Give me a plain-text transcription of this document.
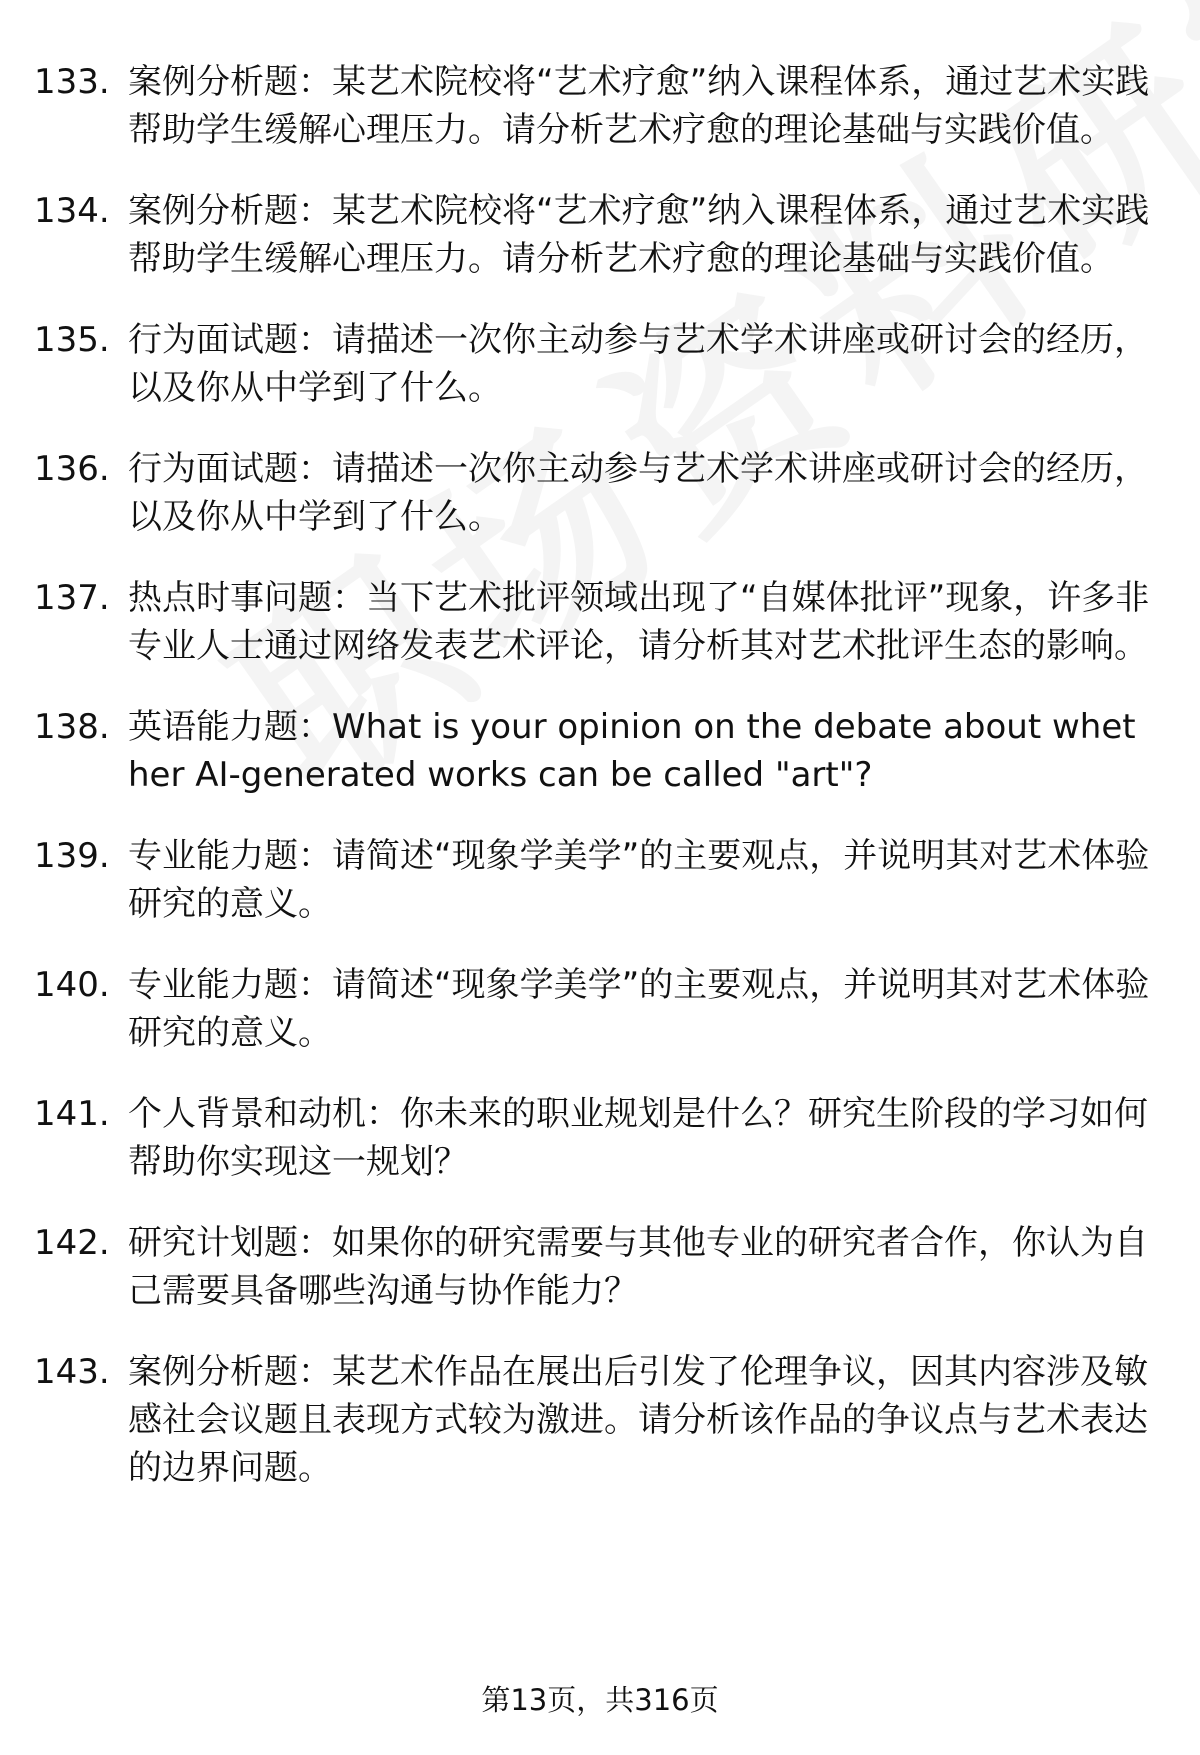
133. 案例分析题：某艺术院校将“艺术疗愈”纳入课程体系，通过艺术实践帮助学生缓解心理压力。请分析艺术疗愈的理论基础与实践价值。
134. 案例分析题：某艺术院校将“艺术疗愈”纳入课程体系，通过艺术实践帮助学生缓解心理压力。请分析艺术疗愈的理论基础与实践价值。
135. 行为面试题：请描述一次你主动参与艺术学术讲座或研讨会的经历，以及你从中学到了什么。
136. 行为面试题：请描述一次你主动参与艺术学术讲座或研讨会的经历，以及你从中学到了什么。
137. 热点时事问题：当下艺术批评领域出现了“自媒体批评”现象，许多非专业人士通过网络发表艺术评论，请分析其对艺术批评生态的影响。
138. 英语能力题：What is your opinion on the debate about whether AI-generated works can be called "art"?
139. 专业能力题：请简述“现象学美学”的主要观点，并说明其对艺术体验研究的意义。
140. 专业能力题：请简述“现象学美学”的主要观点，并说明其对艺术体验研究的意义。
141. 个人背景和动机：你未来的职业规划是什么？研究生阶段的学习如何帮助你实现这一规划？
142. 研究计划题：如果你的研究需要与其他专业的研究者合作，你认为自己需要具备哪些沟通与协作能力？
143. 案例分析题：某艺术作品在展出后引发了伦理争议，因其内容涉及敏感社会议题且表现方式较为激进。请分析该作品的争议点与艺术表达的边界问题。
第13页，共316页
